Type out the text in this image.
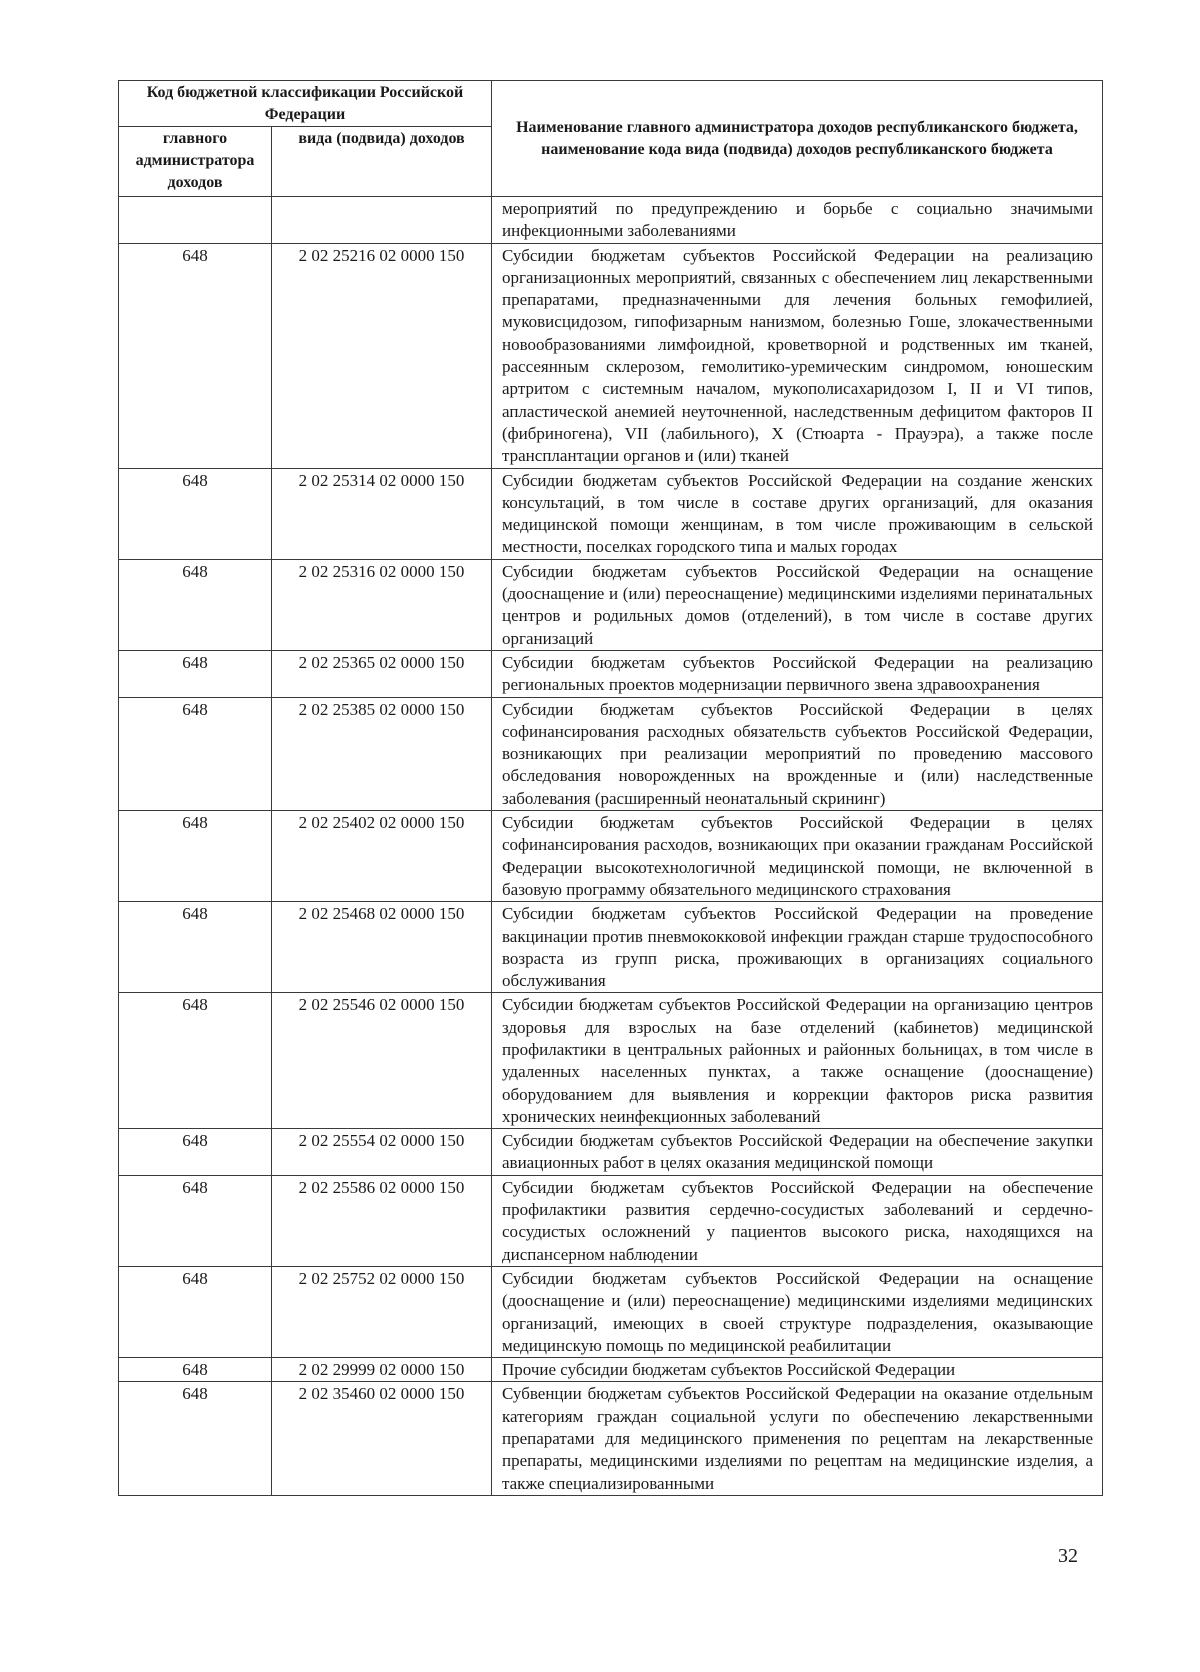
Код бюджетной классификации Российской Федерации		Наименование главного администратора доходов республиканского бюджета, наименование кода вида (подвида) доходов республиканского бюджета
главного администратора доходов	вида (подвида) доходов	
		мероприятий по предупреждению и борьбе с социально значимыми инфекционными заболеваниями
648	2 02 25216 02 0000 150	Субсидии бюджетам субъектов Российской Федерации на реализацию организационных мероприятий, связанных с обеспечением лиц лекарственными препаратами, предназначенными для лечения больных гемофилией, муковисцидозом, гипофизарным нанизмом, болезнью Гоше, злокачественными новообразованиями лимфоидной, кроветворной и родственных им тканей, рассеянным склерозом, гемолитико-уремическим синдромом, юношеским артритом с системным началом, мукополисахаридозом I, II и VI типов, апластической анемией неуточненной, наследственным дефицитом факторов II (фибриногена), VII (лабильного), X (Стюарта - Прауэра), а также после трансплантации органов и (или) тканей
648	2 02 25314 02 0000 150	Субсидии бюджетам субъектов Российской Федерации на создание женских консультаций, в том числе в составе других организаций, для оказания медицинской помощи женщинам, в том числе проживающим в сельской местности, поселках городского типа и малых городах
648	2 02 25316 02 0000 150	Субсидии бюджетам субъектов Российской Федерации на оснащение (дооснащение и (или) переоснащение) медицинскими изделиями перинатальных центров и родильных домов (отделений), в том числе в составе других организаций
648	2 02 25365 02 0000 150	Субсидии бюджетам субъектов Российской Федерации на реализацию региональных проектов модернизации первичного звена здравоохранения
648	2 02 25385 02 0000 150	Субсидии бюджетам субъектов Российской Федерации в целях софинансирования расходных обязательств субъектов Российской Федерации, возникающих при реализации мероприятий по проведению массового обследования новорожденных на врожденные и (или) наследственные заболевания (расширенный неонатальный скрининг)
648	2 02 25402 02 0000 150	Субсидии бюджетам субъектов Российской Федерации в целях софинансирования расходов, возникающих при оказании гражданам Российской Федерации высокотехнологичной медицинской помощи, не включенной в базовую программу обязательного медицинского страхования
648	2 02 25468 02 0000 150	Субсидии бюджетам субъектов Российской Федерации на проведение вакцинации против пневмококковой инфекции граждан старше трудоспособного возраста из групп риска, проживающих в организациях социального обслуживания
648	2 02 25546 02 0000 150	Субсидии бюджетам субъектов Российской Федерации на организацию центров здоровья для взрослых на базе отделений (кабинетов) медицинской профилактики в центральных районных и районных больницах, в том числе в удаленных населенных пунктах, а также оснащение (дооснащение) оборудованием для выявления и коррекции факторов риска развития хронических неинфекционных заболеваний
648	2 02 25554 02 0000 150	Субсидии бюджетам субъектов Российской Федерации на обеспечение закупки авиационных работ в целях оказания медицинской помощи
648	2 02 25586 02 0000 150	Субсидии бюджетам субъектов Российской Федерации на обеспечение профилактики развития сердечно-сосудистых заболеваний и сердечно-сосудистых осложнений у пациентов высокого риска, находящихся на диспансерном наблюдении
648	2 02 25752 02 0000 150	Субсидии бюджетам субъектов Российской Федерации на оснащение (дооснащение и (или) переоснащение) медицинскими изделиями медицинских организаций, имеющих в своей структуре подразделения, оказывающие медицинскую помощь по медицинской реабилитации
648	2 02 29999 02 0000 150	Прочие субсидии бюджетам субъектов Российской Федерации
648	2 02 35460 02 0000 150	Субвенции бюджетам субъектов Российской Федерации на оказание отдельным категориям граждан социальной услуги по обеспечению лекарственными препаратами для медицинского применения по рецептам на лекарственные препараты, медицинскими изделиями по рецептам на медицинские изделия, а также специализированными
32
